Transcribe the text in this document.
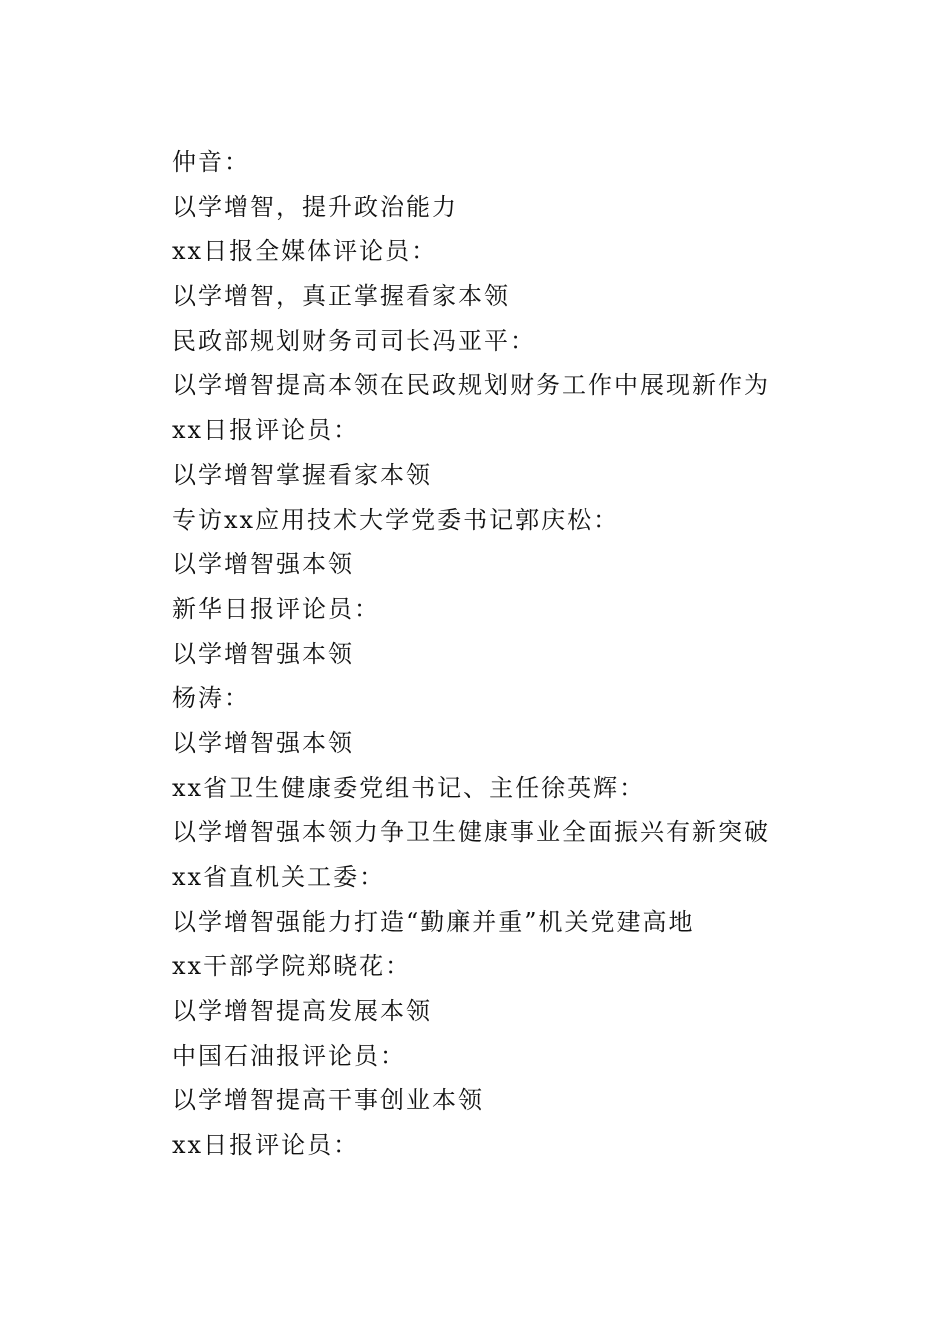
仲音：
以学增智，提升政治能力
xx日报全媒体评论员：
以学增智，真正掌握看家本领
民政部规划财务司司长冯亚平：
以学增智提高本领在民政规划财务工作中展现新作为
xx日报评论员：
以学增智掌握看家本领
专访xx应用技术大学党委书记郭庆松：
以学增智强本领
新华日报评论员：
以学增智强本领
杨涛：
以学增智强本领
xx省卫生健康委党组书记、主任徐英辉：
以学增智强本领力争卫生健康事业全面振兴有新突破
xx省直机关工委：
以学增智强能力打造“勤廉并重”机关党建高地
xx干部学院郑晓花：
以学增智提高发展本领
中国石油报评论员：
以学增智提高干事创业本领
xx日报评论员：
